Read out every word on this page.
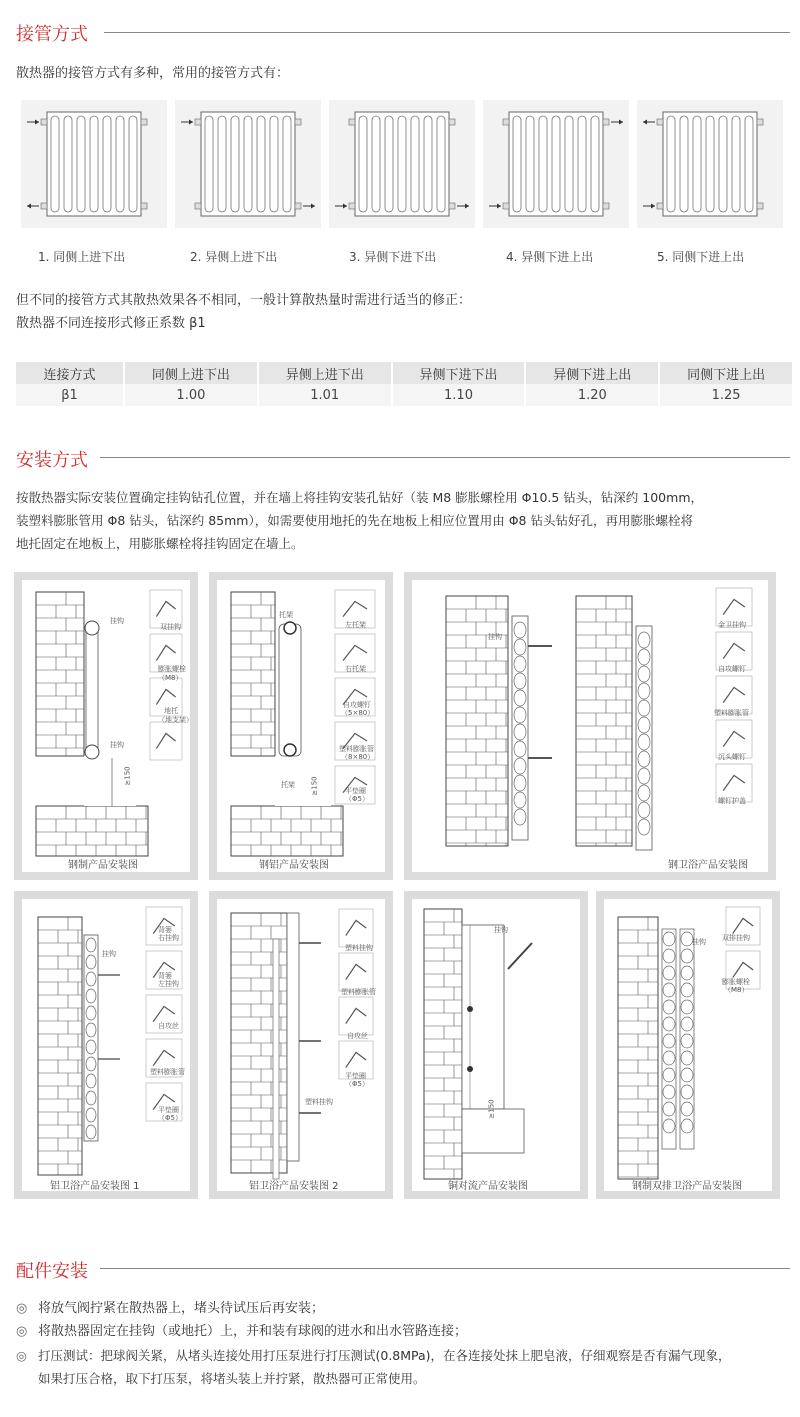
接管方式
散热器的接管方式有多种，常用的接管方式有：
1. 同侧上进下出	2. 异侧上进下出	3. 异侧下进下出	4. 异侧下进上出	5. 同侧下进上出
但不同的接管方式其散热效果各不相同，一般计算散热量时需进行适当的修正：
散热器不同连接形式修正系数 β1
连接方式	同侧上进下出	异侧上进下出	异侧下进下出	异侧下进上出	同侧下进上出
β1	1.00	1.01	1.10	1.20	1.25
安装方式
按散热器实际安装位置确定挂钩钻孔位置，并在墙上将挂钩安装孔钻好（装 M8 膨胀螺栓用 Φ10.5 钻头，钻深约 100mm，
装塑料膨胀管用 Φ8 钻头，钻深约 85mm），如需要使用地托的先在地板上相应位置用由 Φ8 钻头钻好孔，再用膨胀螺栓将
地托固定在地板上，用膨胀螺栓将挂钩固定在墙上。
挂钩
挂钩
≥150
双挂钩
膨胀螺栓
（M8）
地托
（地支架）
钢制产品安装图
托架
托架 ≥150
左托架
右托架
自攻螺钉
（5×80）
塑料膨胀管
（8×80）
平垫圈
（Φ5）
钢铝产品安装图
挂钩
金卫挂钩
自攻螺钉
塑料膨胀管
沉头螺钉
螺钉护盖
钢卫浴产品安装图
挂钩
背篓
右挂钩
背篓
左挂钩
自攻丝
塑料膨胀管
平垫圈
（Φ5）
铝卫浴产品安装图 1
塑料挂钩
塑料膨胀管
自攻丝
平垫圈
（Φ5）
塑料挂钩
铝卫浴产品安装图 2
挂钩
≥150
铜对流产品安装图
挂钩 双排挂钩
膨胀螺栓
（M8）
钢制双排卫浴产品安装图
配件安装
◎ 将放气阀拧紧在散热器上，堵头待试压后再安装；
◎ 将散热器固定在挂钩（或地托）上，并和装有球阀的进水和出水管路连接；
◎ 打压测试：把球阀关紧，从堵头连接处用打压泵进行打压测试(0.8MPa)，在各连接处抹上肥皂液，仔细观察是否有漏气现象，
如果打压合格，取下打压泵，将堵头装上并拧紧，散热器可正常使用。
